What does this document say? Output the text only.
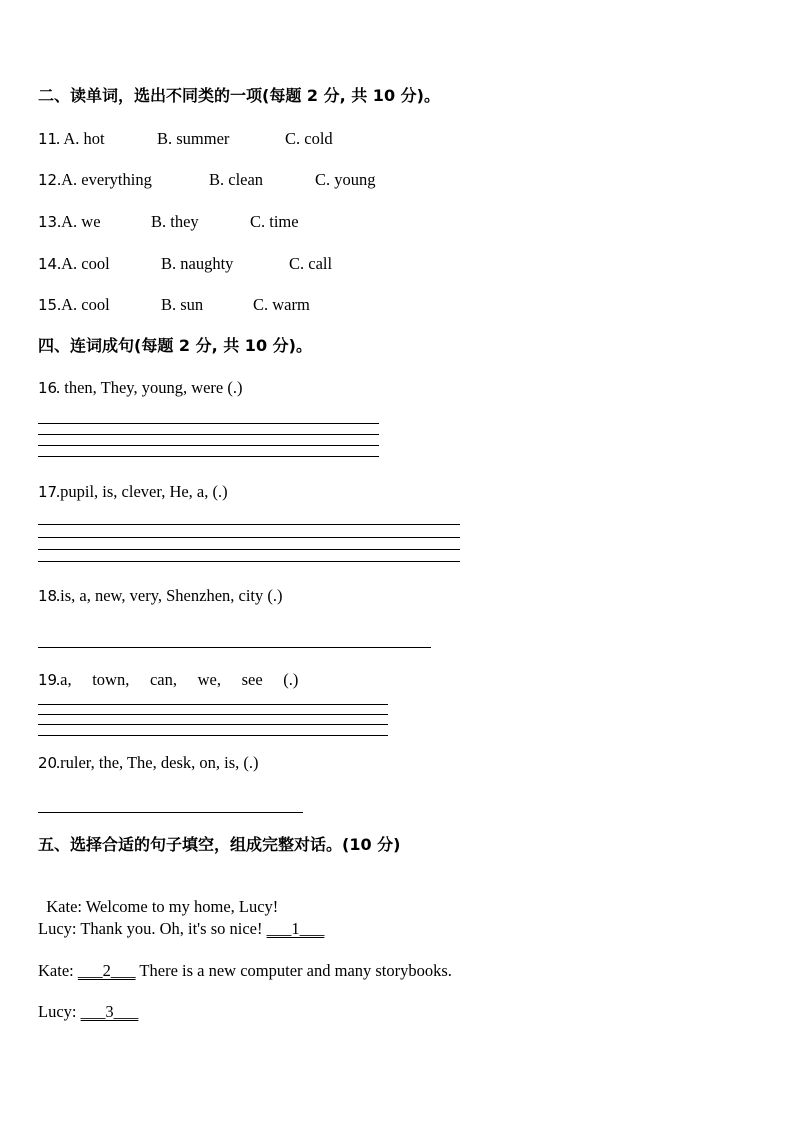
二、读单词，选出不同类的一项(每题 2 分, 共 10 分)。
11
. A. hot	B. summer	C. cold
12 .A. everything	B. clean	C. young
13 .A. we	B. they	C. time
14 .A. cool	B. naughty	C. call
15 .A. cool	B. sun	C. warm
四、连词成句(每题 2 分, 共 10 分)。
16
. then, They, young, were (.)
17
.pupil, is, clever, He, a, (.)
18
.is, a, new, very, Shenzhen, city (.)
19
.a,     town,     can,     we,     see     (.)
20
.ruler, the, The, desk, on, is, (.)
五、选择合适的句子填空，组成完整对话。(10 分)

Kate: Welcome to my home, Lucy!

Lucy: Thank you. Oh, it's so nice! ___1___
Kate: ___2___ There is a new computer and many storybooks.
Lucy: ___3___
